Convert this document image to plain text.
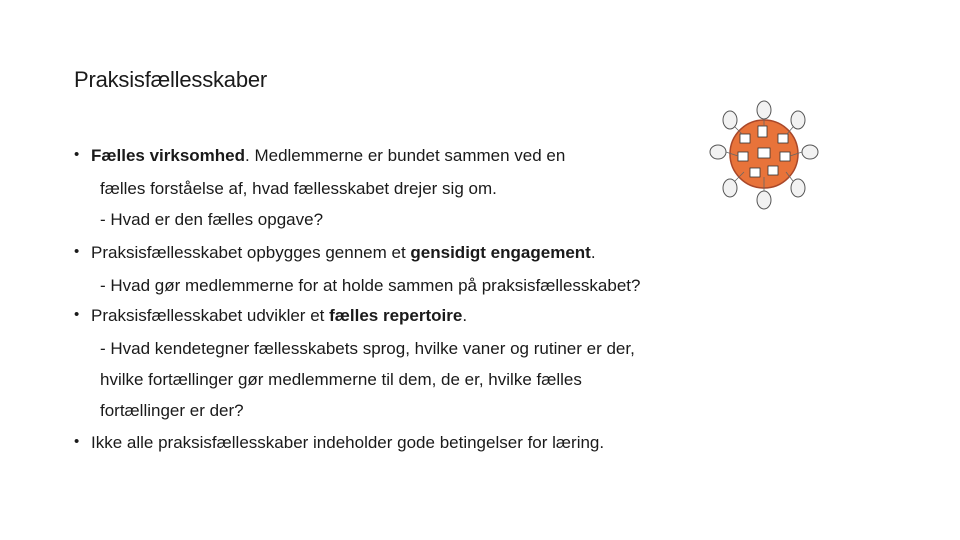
Praksisfællesskaber
• Fælles virksomhed. Medlemmerne er bundet sammen ved en
fælles forståelse af, hvad fællesskabet drejer sig om.
- Hvad er den fælles opgave?
• Praksisfællesskabet opbygges gennem et gensidigt engagement.
- Hvad gør medlemmerne for at holde sammen på praksisfællesskabet?
• Praksisfællesskabet udvikler et fælles repertoire.
- Hvad kendetegner fællesskabets sprog, hvilke vaner og rutiner er der,
hvilke fortællinger gør medlemmerne til dem, de er, hvilke fælles
fortællinger er der?
• Ikke alle praksisfællesskaber indeholder gode betingelser for læring.
